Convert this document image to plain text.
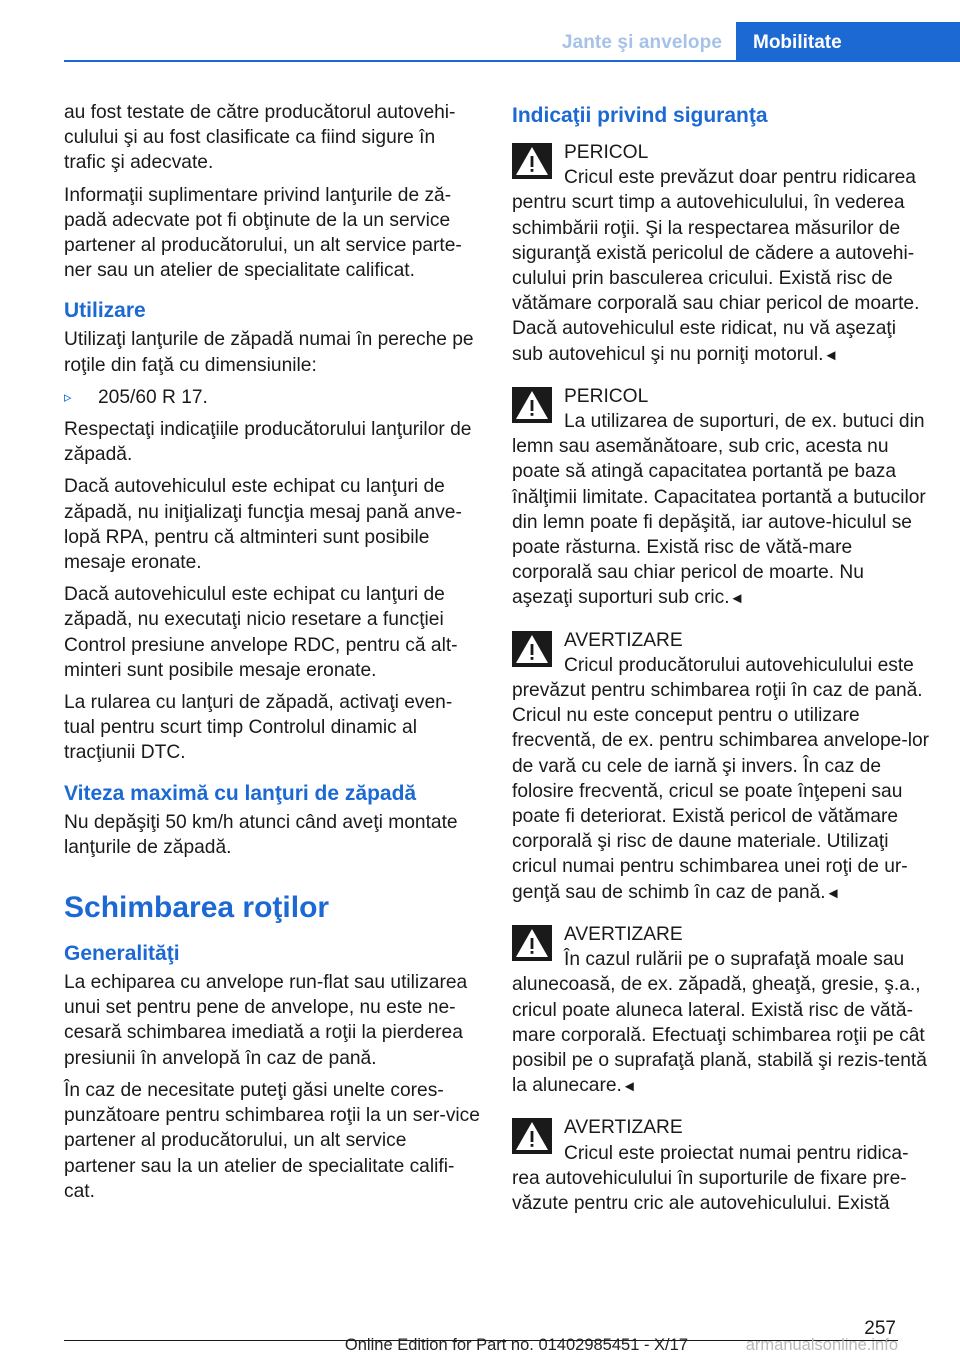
Jante şi anvelope	Mobilitate

au fost testate de către producătorul autovehi-culului şi au fost clasificate ca fiind sigure în trafic şi adecvate.

Informaţii suplimentare privind lanţurile de ză-padă adecvate pot fi obţinute de la un service partener al producătorului, un alt service parte-ner sau un atelier de specialitate calificat.

Utilizare

Utilizaţi lanţurile de zăpadă numai în pereche pe roţile din faţă cu dimensiunile:

▹ 205/60 R 17.

Respectaţi indicaţiile producătorului lanţurilor de zăpadă.

Dacă autovehiculul este echipat cu lanţuri de zăpadă, nu iniţializaţi funcţia mesaj pană anve-lopă RPA, pentru că altminteri sunt posibile mesaje eronate.

Dacă autovehiculul este echipat cu lanţuri de zăpadă, nu executaţi nicio resetare a funcţiei Control presiune anvelope RDC, pentru că alt-minteri sunt posibile mesaje eronate.

La rularea cu lanţuri de zăpadă, activaţi even-tual pentru scurt timp Controlul dinamic al tracţiunii DTC.

Viteza maximă cu lanţuri de zăpadă

Nu depăşiţi 50 km/h atunci când aveţi montate lanţurile de zăpadă.

Schimbarea roţilor
Generalităţi

La echiparea cu anvelope run-flat sau utilizarea unui set pentru pene de anvelope, nu este ne-cesară schimbarea imediată a roţii la pierderea presiunii în anvelopă în caz de pană.

În caz de necesitate puteţi găsi unelte cores-punzătoare pentru schimbarea roţii la un ser-vice partener al producătorului, un alt service partener sau la un atelier de specialitate califi-cat.

Indicaţii privind siguranţa
PERICOL
Cricul este prevăzut doar pentru ridicarea pentru scurt timp a autovehiculului, în vederea schimbării roţii. Şi la respectarea măsurilor de siguranţă există pericolul de cădere a autovehi-culului prin basculerea cricului. Există risc de vătămare corporală sau chiar pericol de moarte. Dacă autovehiculul este ridicat, nu vă aşezaţi sub autovehicul şi nu porniţi motorul.◄
PERICOL
La utilizarea de suporturi, de ex. butuci din lemn sau asemănătoare, sub cric, acesta nu poate să atingă capacitatea portantă pe baza înălţimii limitate. Capacitatea portantă a butucilor din lemn poate fi depăşită, iar autove-hiculul se poate răsturna. Există risc de vătă-mare corporală sau chiar pericol de moarte. Nu aşezaţi suporturi sub cric.◄
AVERTIZARE
Cricul producătorului autovehiculului este prevăzut pentru schimbarea roţii în caz de pană. Cricul nu este conceput pentru o utilizare frecventă, de ex. pentru schimbarea anvelope-lor de vară cu cele de iarnă şi invers. În caz de folosire frecventă, cricul se poate înţepeni sau poate fi deteriorat. Există pericol de vătămare corporală şi risc de daune materiale. Utilizaţi cricul numai pentru schimbarea unei roţi de ur-genţă sau de schimb în caz de pană.◄
AVERTIZARE
În cazul rulării pe o suprafaţă moale sau alunecoasă, de ex. zăpadă, gheaţă, gresie, ş.a., cricul poate aluneca lateral. Există risc de vătă-mare corporală. Efectuaţi schimbarea roţii pe cât posibil pe o suprafaţă plană, stabilă şi rezis-tentă la alunecare.◄
AVERTIZARE
Cricul este proiectat numai pentru ridica-rea autovehiculului în suporturile de fixare pre-văzute pentru cric ale autovehiculului. Există
257
Online Edition for Part no. 01402985451 - X/17	armanualsonline.info
